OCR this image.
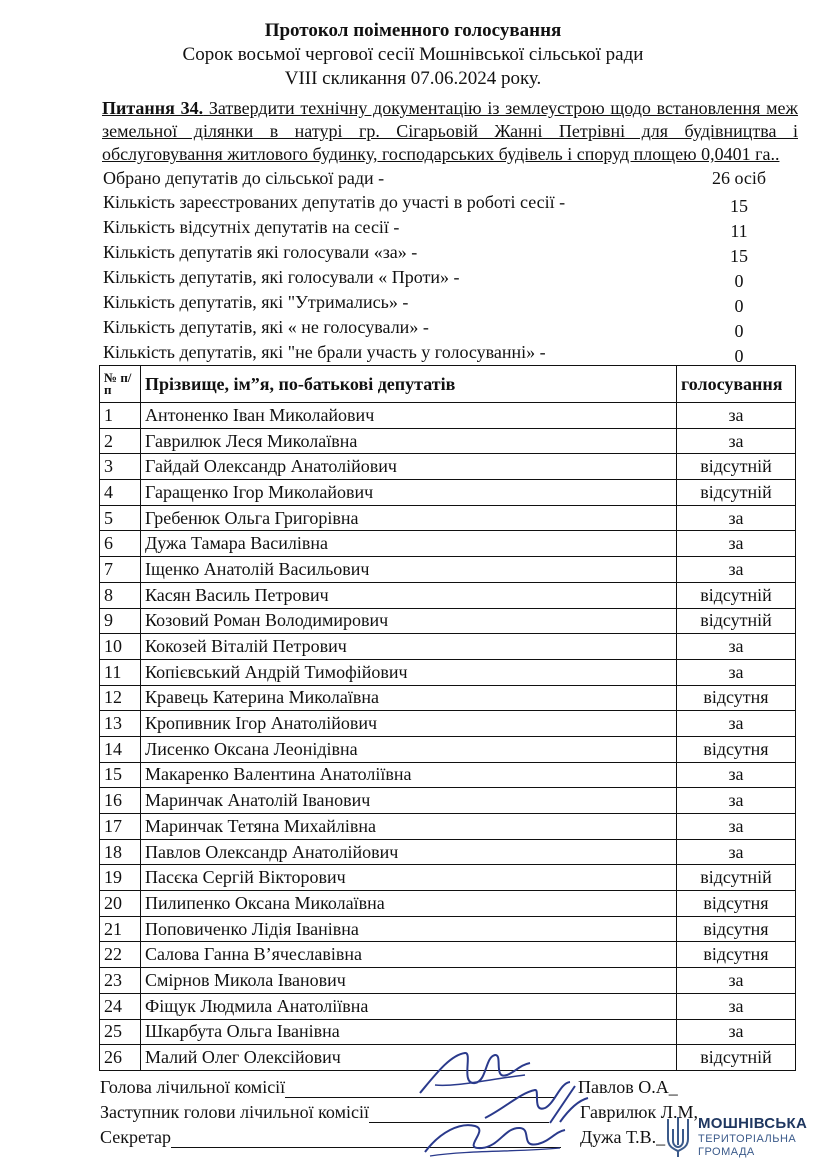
Протокол поіменного голосування
Сорок восьмої чергової сесії Мошнівської сільської ради
VIII скликання 07.06.2024 року.
Питання 34. Затвердити технічну документацію із землеустрою щодо встановлення меж земельної ділянки в натурі гр. Сігарьовій Жанні Петрівні для будівництва і обслуговування житлового будинку, господарських будівель і споруд площею 0,0401 га..
Обрано депутатів до сільської ради -	26 осіб
Кількість зареєстрованих депутатів до участі в роботі сесії -	15
Кількість відсутніх депутатів на сесії -	11
Кількість депутатів які голосували «за» -	15
Кількість депутатів, які голосували « Проти» -	0
Кількість депутатів, які "Утримались» -	0
Кількість депутатів, які « не голосували» -	0
Кількість депутатів, які "не брали участь у голосуванні» -	0
№ п/п	Прізвище, ім”я, по-батькові депутатів	голосування
1	Антоненко Іван Миколайович	за
2	Гаврилюк Леся Миколаївна	за
3	Гайдай Олександр Анатолійович	відсутній
4	Гаращенко Ігор Миколайович	відсутній
5	Гребенюк Ольга Григорівна	за
6	Дужа Тамара Василівна	за
7	Іщенко Анатолій Васильович	за
8	Касян Василь Петрович	відсутній
9	Козовий Роман Володимирович	відсутній
10	Кокозей Віталій Петрович	за
11	Копієвський Андрій Тимофійович	за
12	Кравець Катерина Миколаївна	відсутня
13	Кропивник Ігор Анатолійович	за
14	Лисенко Оксана Леонідівна	відсутня
15	Макаренко Валентина Анатоліївна	за
16	Маринчак Анатолій Іванович	за
17	Маринчак Тетяна Михайлівна	за
18	Павлов Олександр Анатолійович	за
19	Пасєка Сергій Вікторович	відсутній
20	Пилипенко Оксана Миколаївна	відсутня
21	Поповиченко Лідія Іванівна	відсутня
22	Салова Ганна В’ячеславівна	відсутня
23	Смірнов Микола Іванович	за
24	Фіщук Людмила Анатоліївна	за
25	Шкарбута Ольга Іванівна	за
26	Малий Олег Олексійович	відсутній
Голова лічильної комісії	Павлов О.А_
Заступник голови лічильної комісії	Гаврилюк Л.М,
Секретар	Дужа Т.В._
МОШНІВСЬКА
ТЕРИТОРІАЛЬНА
ГРОМАДА
